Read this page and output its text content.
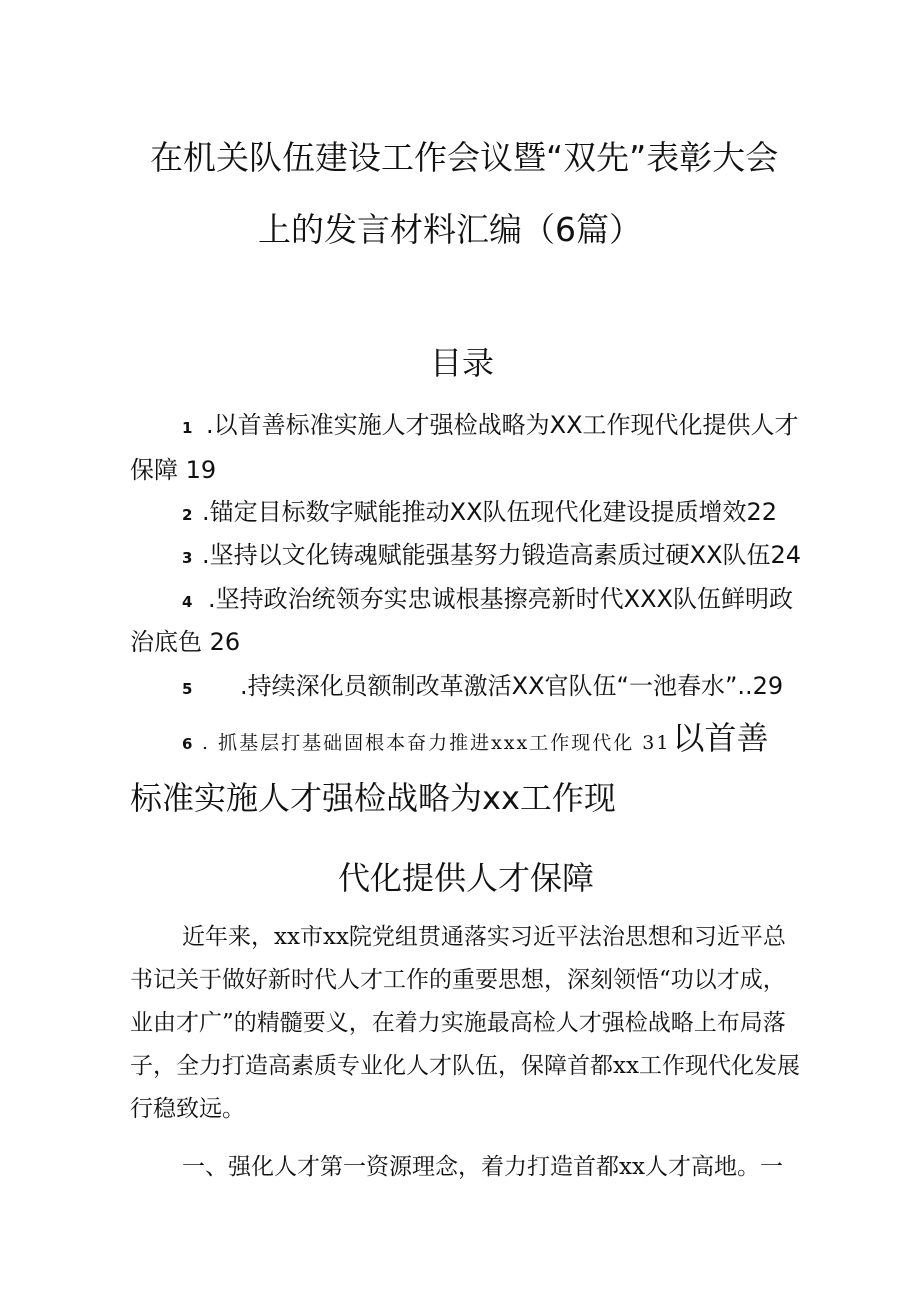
在机关队伍建设工作会议暨“双先”表彰大会
上的发言材料汇编（6篇）
目录
1 .以首善标准实施人才强检战略为XX工作现代化提供人才
保障 19
2 .锚定目标数字赋能推动XX队伍现代化建设提质增效22
3 .坚持以文化铸魂赋能强基努力锻造高素质过硬XX队伍24
4 .坚持政治统领夯实忠诚根基擦亮新时代XXX队伍鲜明政
治底色 26
5 .持续深化员额制改革激活XX官队伍“一池春水”..29
6 . 抓基层打基础固根本奋力推进xxx工作现代化 31以首善
标准实施人才强检战略为xx工作现
代化提供人才保障
近年来，xx市xx院党组贯通落实习近平法治思想和习近平总
书记关于做好新时代人才工作的重要思想，深刻领悟“功以才成，
业由才广”的精髓要义，在着力实施最高检人才强检战略上布局落
子，全力打造高素质专业化人才队伍，保障首都xx工作现代化发展
行稳致远。
一、强化人才第一资源理念，着力打造首都xx人才高地。一
